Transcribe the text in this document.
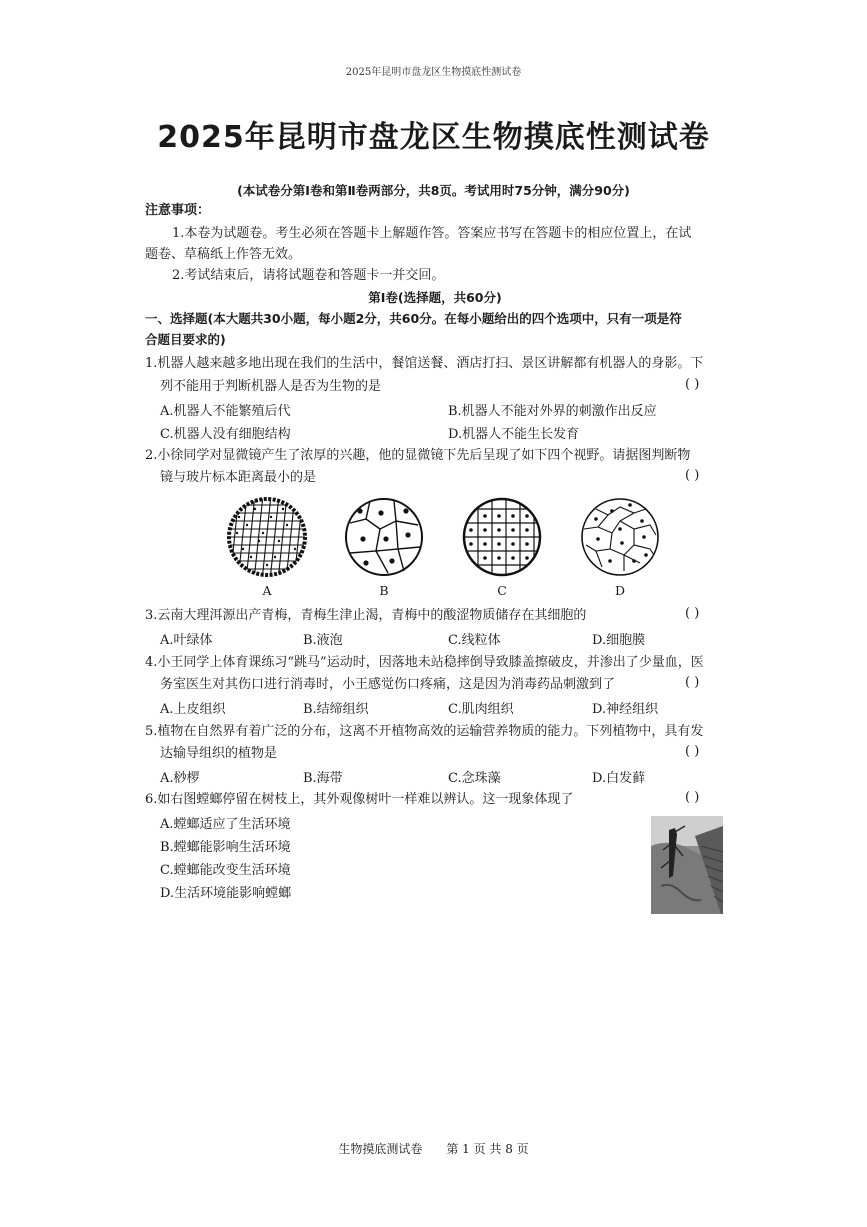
2025年昆明市盘龙区生物摸底性测试卷
2025年昆明市盘龙区生物摸底性测试卷
(本试卷分第Ⅰ卷和第Ⅱ卷两部分，共8页。考试用时75分钟，满分90分)
注意事项：
1.本卷为试题卷。考生必须在答题卡上解题作答。答案应书写在答题卡的相应位置上，在试
题卷、草稿纸上作答无效。
2.考试结束后，请将试题卷和答题卡一并交回。
第Ⅰ卷(选择题，共60分)
一、选择题(本大题共30小题，每小题2分，共60分。在每小题给出的四个选项中，只有一项是符
合题目要求的)
1.机器人越来越多地出现在我们的生活中，餐馆送餐、酒店打扫、景区讲解都有机器人的身影。下
列不能用于判断机器人是否为生物的是	( )
A.机器人不能繁殖后代	B.机器人不能对外界的刺激作出反应
C.机器人没有细胞结构	D.机器人不能生长发育
2.小徐同学对显微镜产生了浓厚的兴趣，他的显微镜下先后呈现了如下四个视野。请据图判断物
镜与玻片标本距离最小的是	( )
A	B	C	D
3.云南大理洱源出产青梅，青梅生津止渴，青梅中的酸涩物质储存在其细胞的	( )
A.叶绿体	B.液泡	C.线粒体	D.细胞膜
4.小王同学上体育课练习“跳马”运动时，因落地未站稳摔倒导致膝盖擦破皮，并渗出了少量血，医
务室医生对其伤口进行消毒时，小王感觉伤口疼痛，这是因为消毒药品刺激到了	( )
A.上皮组织	B.结缔组织	C.肌肉组织	D.神经组织
5.植物在自然界有着广泛的分布，这离不开植物高效的运输营养物质的能力。下列植物中，具有发
达输导组织的植物是	( )
A.桫椤	B.海带	C.念珠藻	D.白发藓
6.如右图螳螂停留在树枝上，其外观像树叶一样难以辨认。这一现象体现了	( )
A.螳螂适应了生活环境
B.螳螂能影响生活环境
C.螳螂能改变生活环境
D.生活环境能影响螳螂
生物摸底测试卷　　第 1 页 共 8 页
